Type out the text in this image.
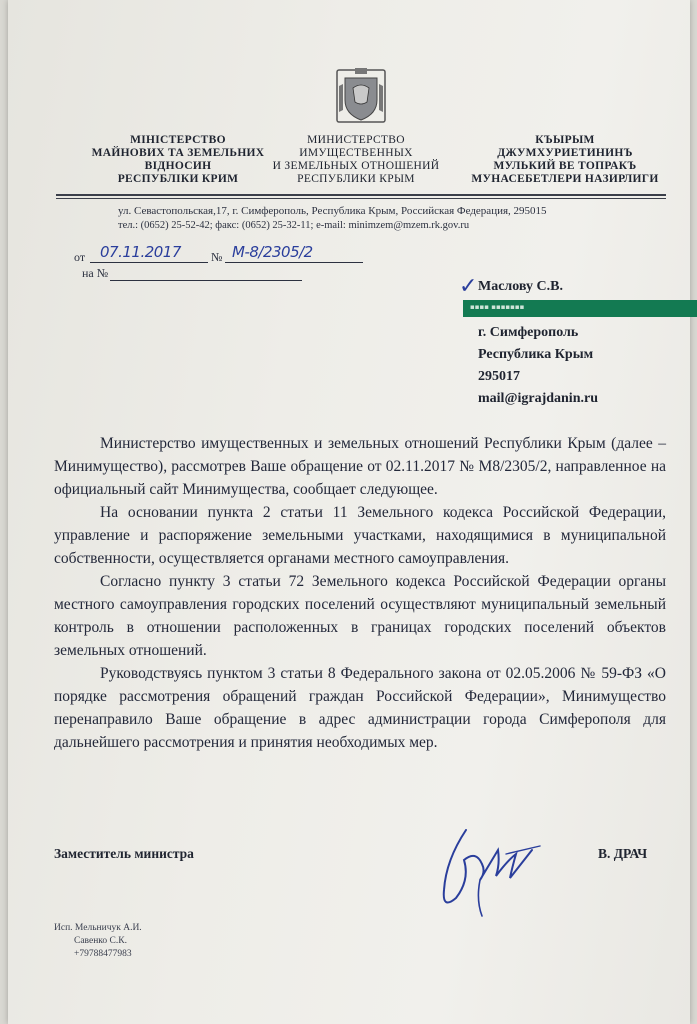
МІНІСТЕРСТВО
МАЙНОВИХ ТА ЗЕМЕЛЬНИХ
ВІДНОСИН
РЕСПУБЛІКИ КРИМ
МИНИСТЕРСТВО
ИМУЩЕСТВЕННЫХ
И ЗЕМЕЛЬНЫХ ОТНОШЕНИЙ
РЕСПУБЛИКИ КРЫМ
КЪЫРЫМ
ДЖУМХУРИЕТИНИНЪ
МУЛЬКИЙ ВЕ ТОПРАКЪ
МУНАСЕБЕТЛЕРИ НАЗИРЛИГИ
ул. Севастопольская,17, г. Симферополь, Республика Крым, Российская Федерация, 295015
тел.: (0652) 25-52-42; факс: (0652) 25-32-11; e-mail: minimzem@mzem.rk.gov.ru
от 07.11.2017	№ М-8/2305/2
на №
✓ Маслову С.В.
▪▪▪▪ ▪▪▪▪▪▪▪
г. Симферополь
Республика Крым
295017
mail@igrajdanin.ru

Министерство имущественных и земельных отношений Республики Крым (далее – Минимущество), рассмотрев Ваше обращение от 02.11.2017 № М8/2305/2, направленное на официальный сайт Минимущества, сообщает следующее.

На основании пункта 2 статьи 11 Земельного кодекса Российской Федерации, управление и распоряжение земельными участками, находящимися в муниципальной собственности, осуществляется органами местного самоуправления.

Согласно пункту 3 статьи 72 Земельного кодекса Российской Федерации органы местного самоуправления городских поселений осуществляют муниципальный земельный контроль в отношении расположенных в границах городских поселений объектов земельных отношений.

Руководствуясь пунктом 3 статьи 8 Федерального закона от 02.05.2006 № 59-ФЗ «О порядке рассмотрения обращений граждан Российской Федерации», Минимущество перенаправило Ваше обращение в адрес администрации города Симферополя для дальнейшего рассмотрения и принятия необходимых мер.

Заместитель министра	В. ДРАЧ
Исп. Мельничук А.И.
Савенко С.К.
+79788477983
